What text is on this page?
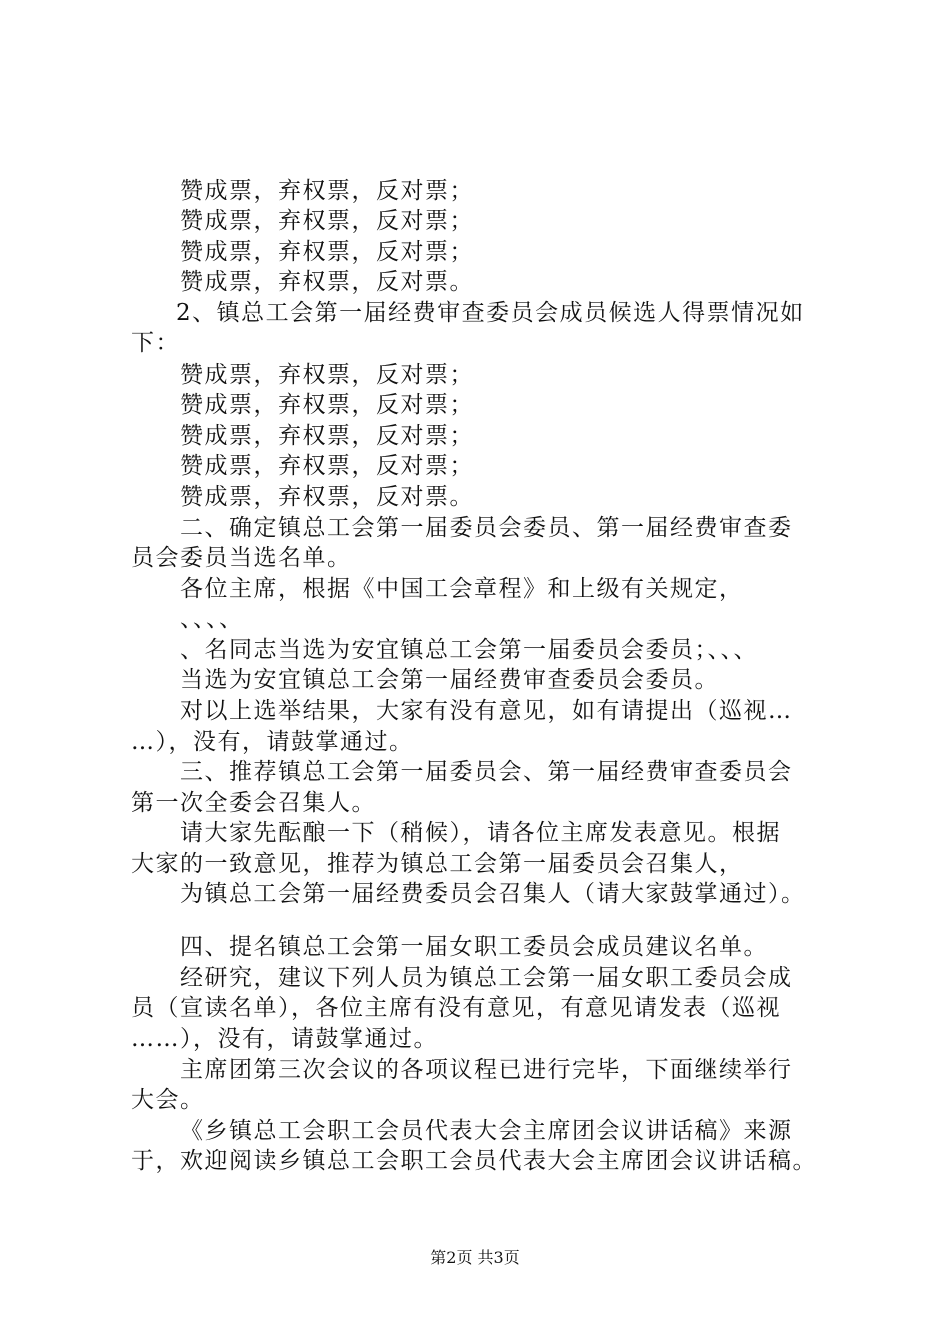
赞成票，弃权票，反对票；
赞成票，弃权票，反对票；
赞成票，弃权票，反对票；
赞成票，弃权票，反对票。
2、镇总工会第一届经费审查委员会成员候选人得票情况如
下：
赞成票，弃权票，反对票；
赞成票，弃权票，反对票；
赞成票，弃权票，反对票；
赞成票，弃权票，反对票；
赞成票，弃权票，反对票。
二、确定镇总工会第一届委员会委员、第一届经费审查委
员会委员当选名单。
各位主席，根据《中国工会章程》和上级有关规定，
、、、、
、名同志当选为安宜镇总工会第一届委员会委员；、、、
当选为安宜镇总工会第一届经费审查委员会委员。
对以上选举结果，大家有没有意见，如有请提出（巡视…
…），没有，请鼓掌通过。
三、推荐镇总工会第一届委员会、第一届经费审查委员会
第一次全委会召集人。
请大家先酝酿一下（稍候），请各位主席发表意见。根据
大家的一致意见，推荐为镇总工会第一届委员会召集人，
为镇总工会第一届经费委员会召集人（请大家鼓掌通过）。
四、提名镇总工会第一届女职工委员会成员建议名单。
经研究，建议下列人员为镇总工会第一届女职工委员会成
员（宣读名单），各位主席有没有意见，有意见请发表（巡视
……），没有，请鼓掌通过。
主席团第三次会议的各项议程已进行完毕，下面继续举行
大会。
《乡镇总工会职工会员代表大会主席团会议讲话稿》来源
于，欢迎阅读乡镇总工会职工会员代表大会主席团会议讲话稿。
第2页 共3页
